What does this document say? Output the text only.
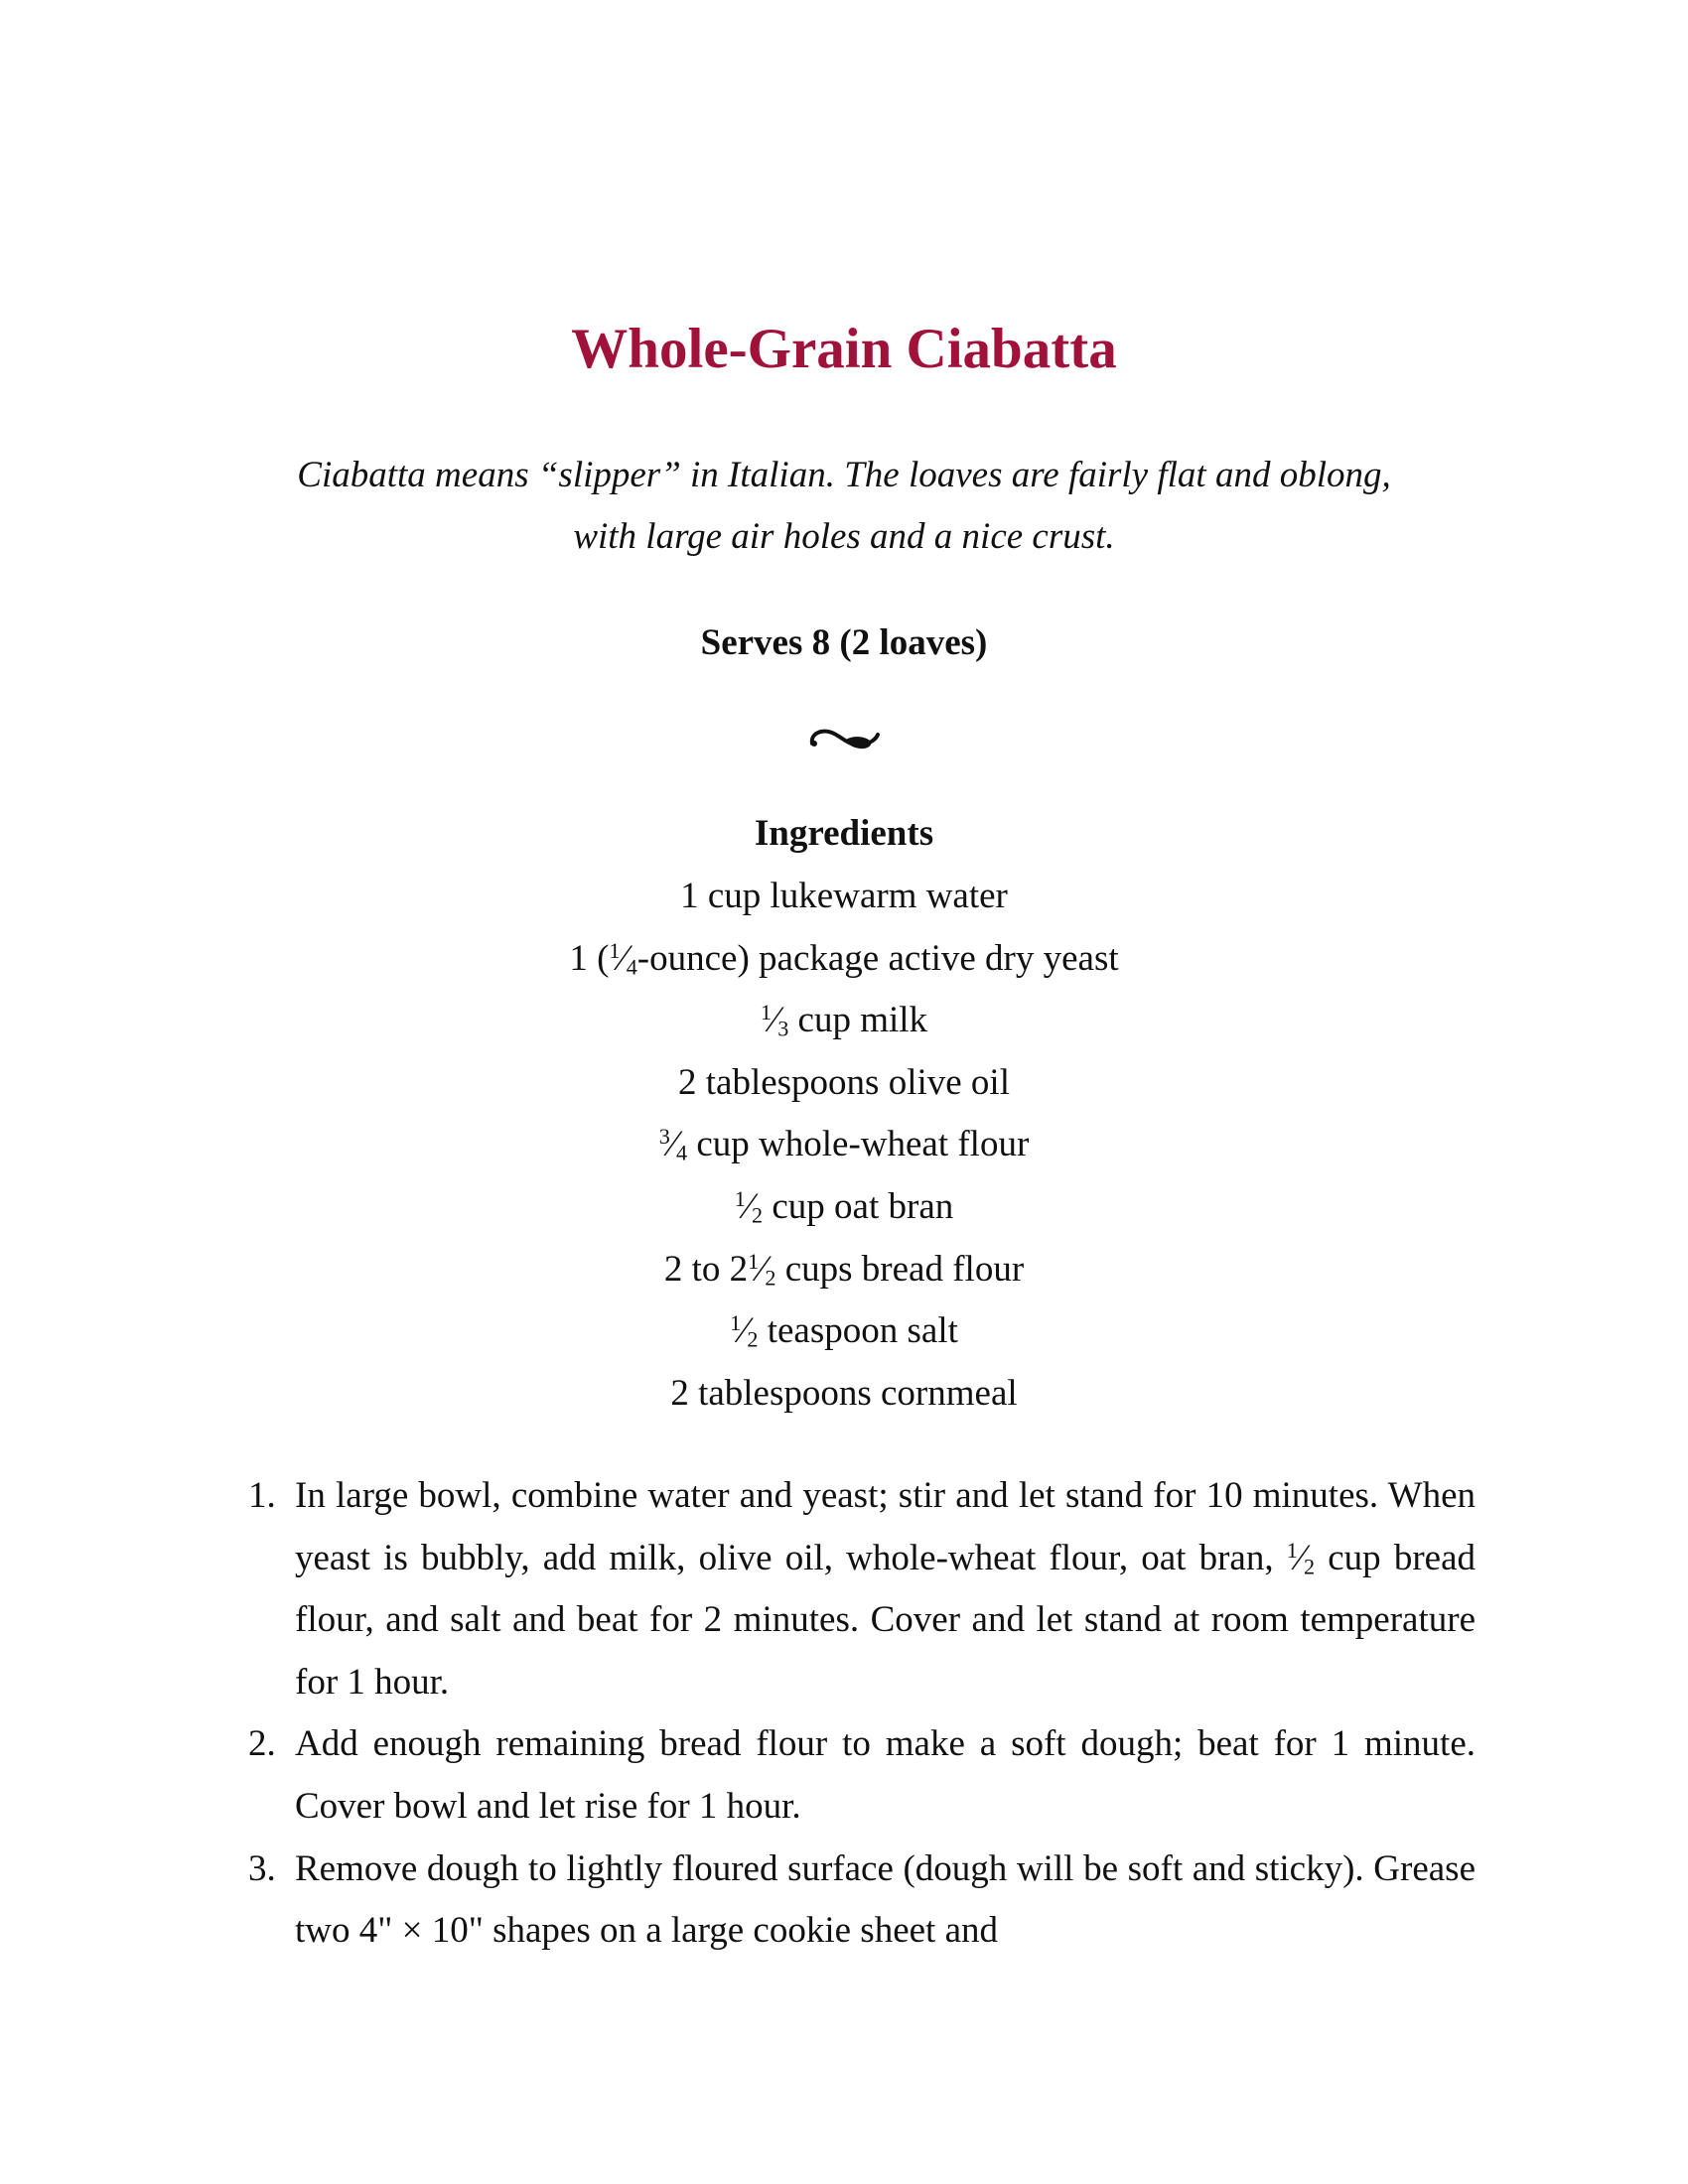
Whole-Grain Ciabatta

Ciabatta means “slipper” in Italian. The loaves are fairly flat and oblong,
with large air holes and a nice crust.

Serves 8 (2 loaves)

Ingredients
1 cup lukewarm water
1 $(^1⁄_4-ounce)$ package active dry yeast
$^1⁄_3$ cup milk
2 tablespoons olive oil
$^3⁄_4$ cup whole-wheat flour
$^1⁄_2$ cup oat bran
2 to $2^1⁄_2$ cups bread flour
$^1⁄_2$ teaspoon salt
2 tablespoons cornmeal
1. In large bowl, combine water and yeast; stir and let stand for 10 minutes. When yeast is bubbly, add milk, olive oil, whole-wheat flour, oat bran, $^1⁄_2$ cup bread flour, and salt and beat for 2 minutes. Cover and let stand at room temperature for 1 hour.
2. Add enough remaining bread flour to make a soft dough; beat for 1 minute. Cover bowl and let rise for 1 hour.
3. Remove dough to lightly floured surface (dough will be soft and sticky). Grease two 4" × 10" shapes on a large cookie sheet and
